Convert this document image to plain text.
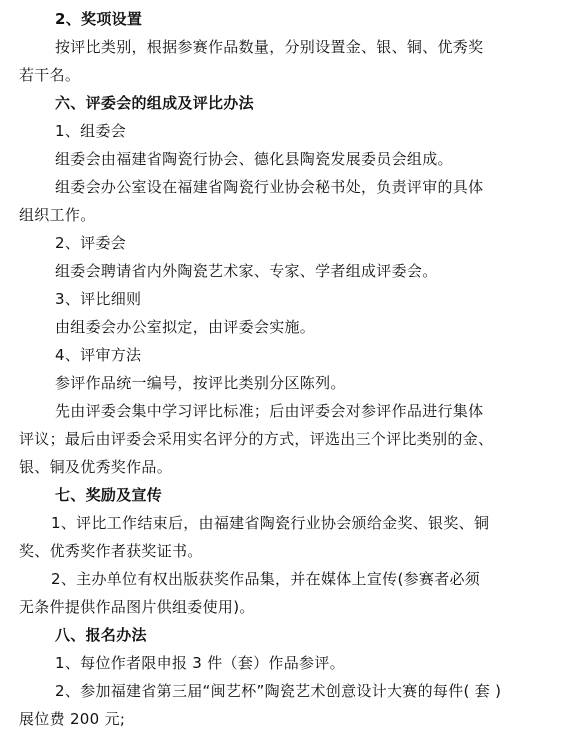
2、奖项设置
按评比类别，根据参赛作品数量，分别设置金、银、铜、优秀奖
若干名。
六、评委会的组成及评比办法
1、组委会
组委会由福建省陶瓷行协会、德化县陶瓷发展委员会组成。
组委会办公室设在福建省陶瓷行业协会秘书处，负责评审的具体
组织工作。
2、评委会
组委会聘请省内外陶瓷艺术家、专家、学者组成评委会。
3、评比细则
由组委会办公室拟定，由评委会实施。
4、评审方法
参评作品统一编号，按评比类别分区陈列。
先由评委会集中学习评比标准；后由评委会对参评作品进行集体
评议；最后由评委会采用实名评分的方式，评选出三个评比类别的金、
银、铜及优秀奖作品。
七、奖励及宣传
1、评比工作结束后，由福建省陶瓷行业协会颁给金奖、银奖、铜
奖、优秀奖作者获奖证书。
2、主办单位有权出版获奖作品集，并在媒体上宣传(参赛者必须
无条件提供作品图片供组委使用)。
八、报名办法
1、每位作者限申报 3 件（套）作品参评。
2、参加福建省第三届“闽艺杯”陶瓷艺术创意设计大赛的每件( 套 )
展位费 200 元;
